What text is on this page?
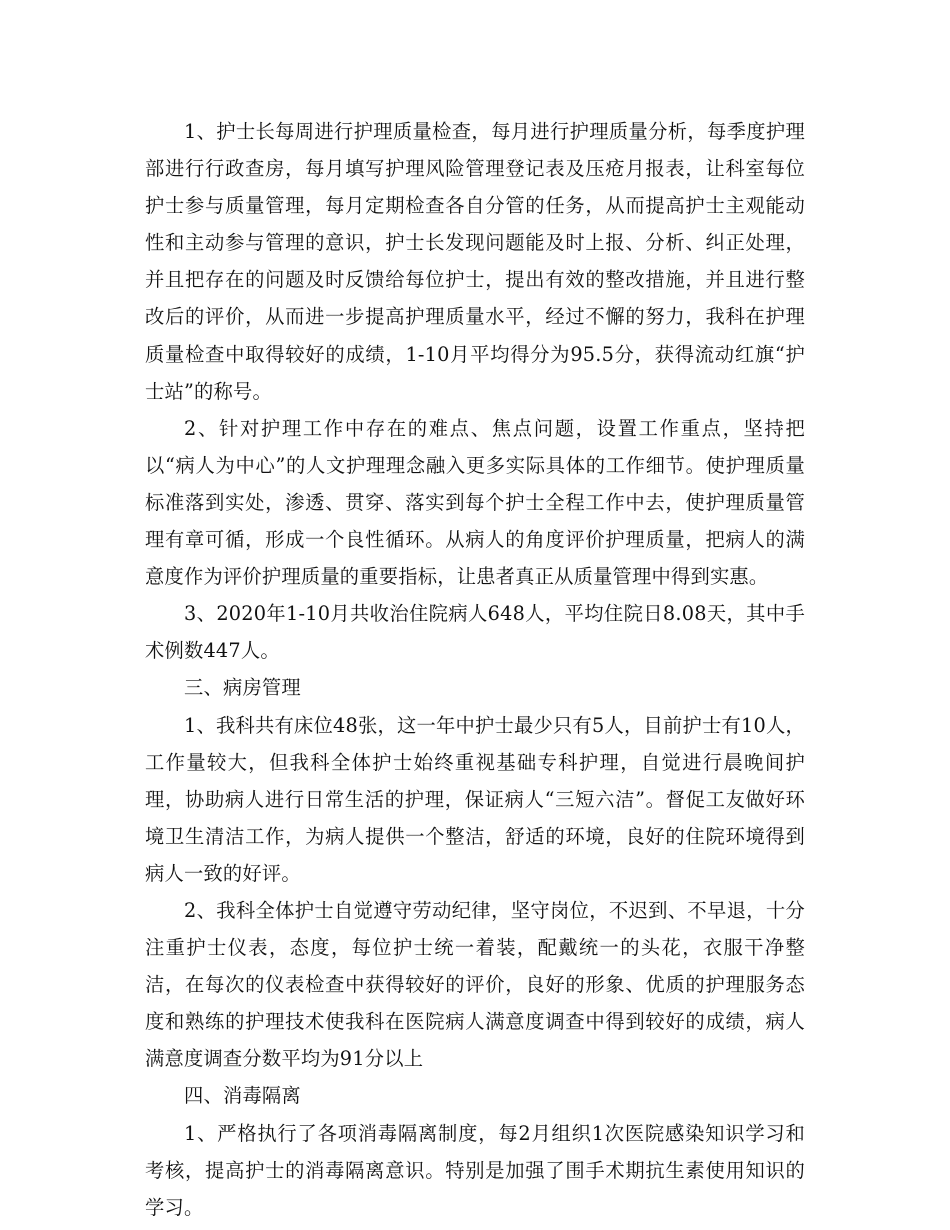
1、护士长每周进行护理质量检查，每月进行护理质量分析，每季度护理部进行行政查房，每月填写护理风险管理登记表及压疮月报表，让科室每位护士参与质量管理，每月定期检查各自分管的任务，从而提高护士主观能动性和主动参与管理的意识，护士长发现问题能及时上报、分析、纠正处理，并且把存在的问题及时反馈给每位护士，提出有效的整改措施，并且进行整改后的评价，从而进一步提高护理质量水平，经过不懈的努力，我科在护理质量检查中取得较好的成绩，1-10月平均得分为95.5分，获得流动红旗“护士站”的称号。

2、针对护理工作中存在的难点、焦点问题，设置工作重点，坚持把以“病人为中心”的人文护理理念融入更多实际具体的工作细节。使护理质量标准落到实处，渗透、贯穿、落实到每个护士全程工作中去，使护理质量管理有章可循，形成一个良性循环。从病人的角度评价护理质量，把病人的满意度作为评价护理质量的重要指标，让患者真正从质量管理中得到实惠。

3、2020年1-10月共收治住院病人648人，平均住院日8.08天，其中手术例数447人。

三、病房管理

1、我科共有床位48张，这一年中护士最少只有5人，目前护士有10人，工作量较大，但我科全体护士始终重视基础专科护理，自觉进行晨晚间护理，协助病人进行日常生活的护理，保证病人“三短六洁”。督促工友做好环境卫生清洁工作，为病人提供一个整洁，舒适的环境，良好的住院环境得到病人一致的好评。

2、我科全体护士自觉遵守劳动纪律，坚守岗位，不迟到、不早退，十分注重护士仪表，态度，每位护士统一着装，配戴统一的头花，衣服干净整洁，在每次的仪表检查中获得较好的评价，良好的形象、优质的护理服务态度和熟练的护理技术使我科在医院病人满意度调查中得到较好的成绩，病人满意度调查分数平均为91分以上

四、消毒隔离

1、严格执行了各项消毒隔离制度，每2月组织1次医院感染知识学习和考核，提高护士的消毒隔离意识。特别是加强了围手术期抗生素使用知识的学习。
